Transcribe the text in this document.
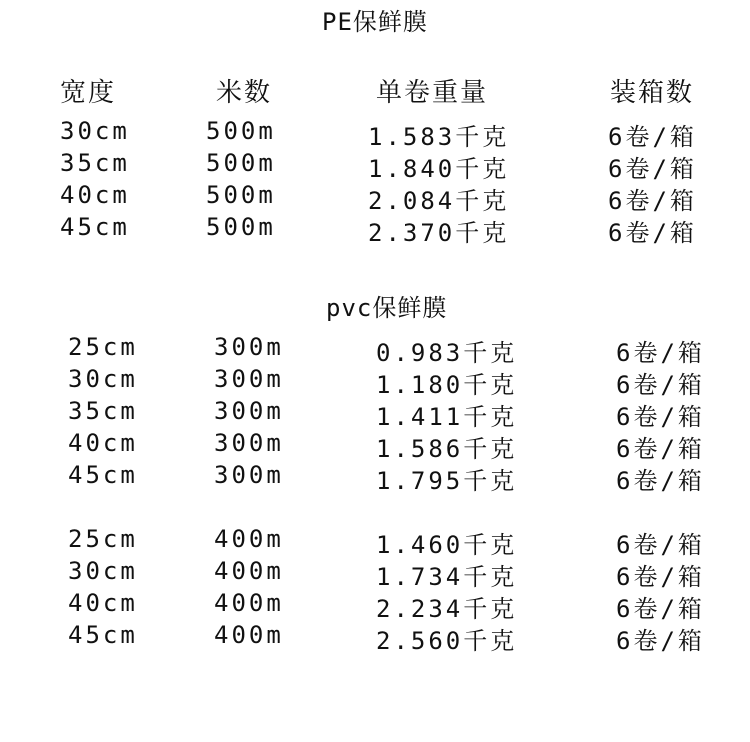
PE保鲜膜
宽度	米数	单卷重量	装箱数
30cm	500m	1.583千克	6卷/箱
35cm	500m	1.840千克	6卷/箱
40cm	500m	2.084千克	6卷/箱
45cm	500m	2.370千克	6卷/箱
pvc保鲜膜
25cm	300m	0.983千克	6卷/箱
30cm	300m	1.180千克	6卷/箱
35cm	300m	1.411千克	6卷/箱
40cm	300m	1.586千克	6卷/箱
45cm	300m	1.795千克	6卷/箱
25cm	400m	1.460千克	6卷/箱
30cm	400m	1.734千克	6卷/箱
40cm	400m	2.234千克	6卷/箱
45cm	400m	2.560千克	6卷/箱
